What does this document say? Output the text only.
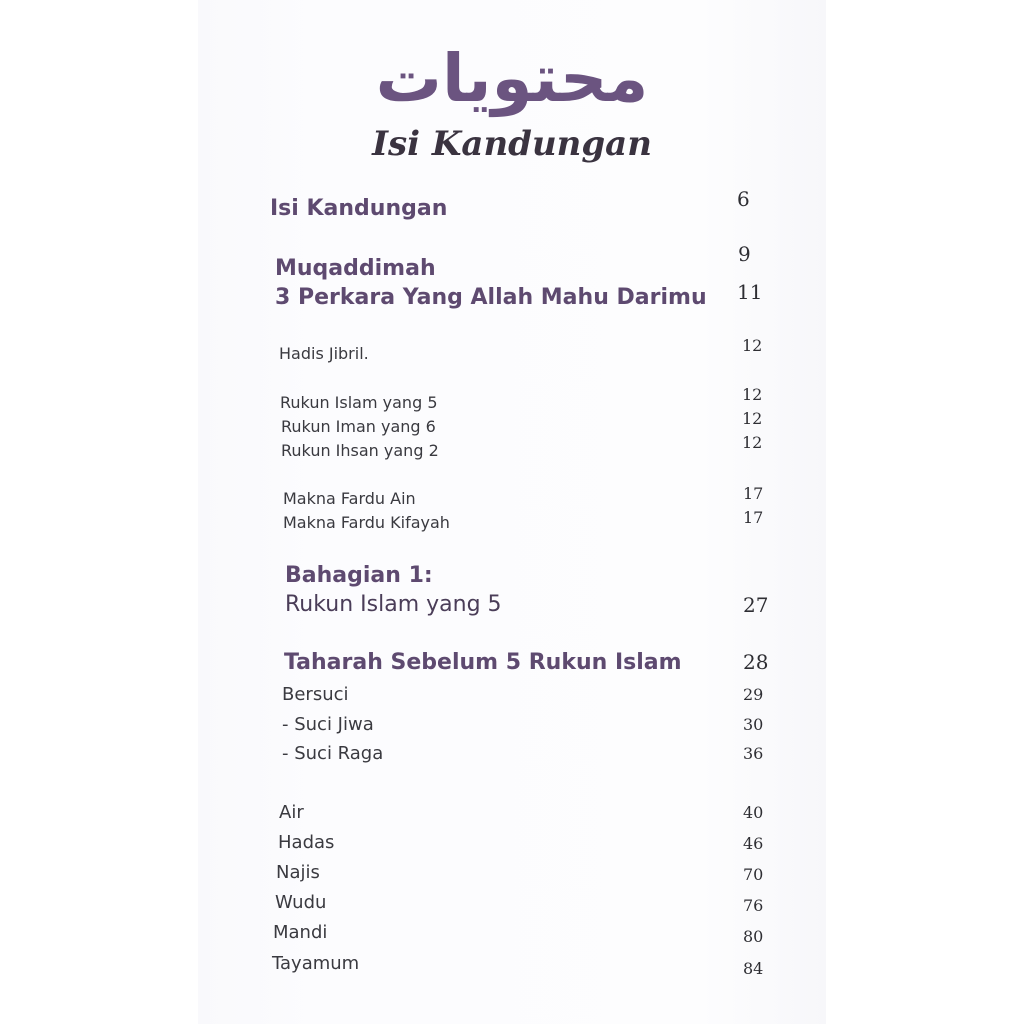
محتويات
Isi Kandungan
Isi Kandungan
Muqaddimah
3 Perkara Yang Allah Mahu Darimu
Hadis Jibril.
Rukun Islam yang 5
Rukun Iman yang 6
Rukun Ihsan yang 2
Makna Fardu Ain
Makna Fardu Kifayah
Bahagian 1:
Rukun Islam yang 5
Taharah Sebelum 5 Rukun Islam
Bersuci
- Suci Jiwa
- Suci Raga
Air
Hadas
Najis
Wudu
Mandi
Tayamum
6
9
11
12
12
12
12
17
17
27
28
29
30
36
40
46
70
76
80
84
